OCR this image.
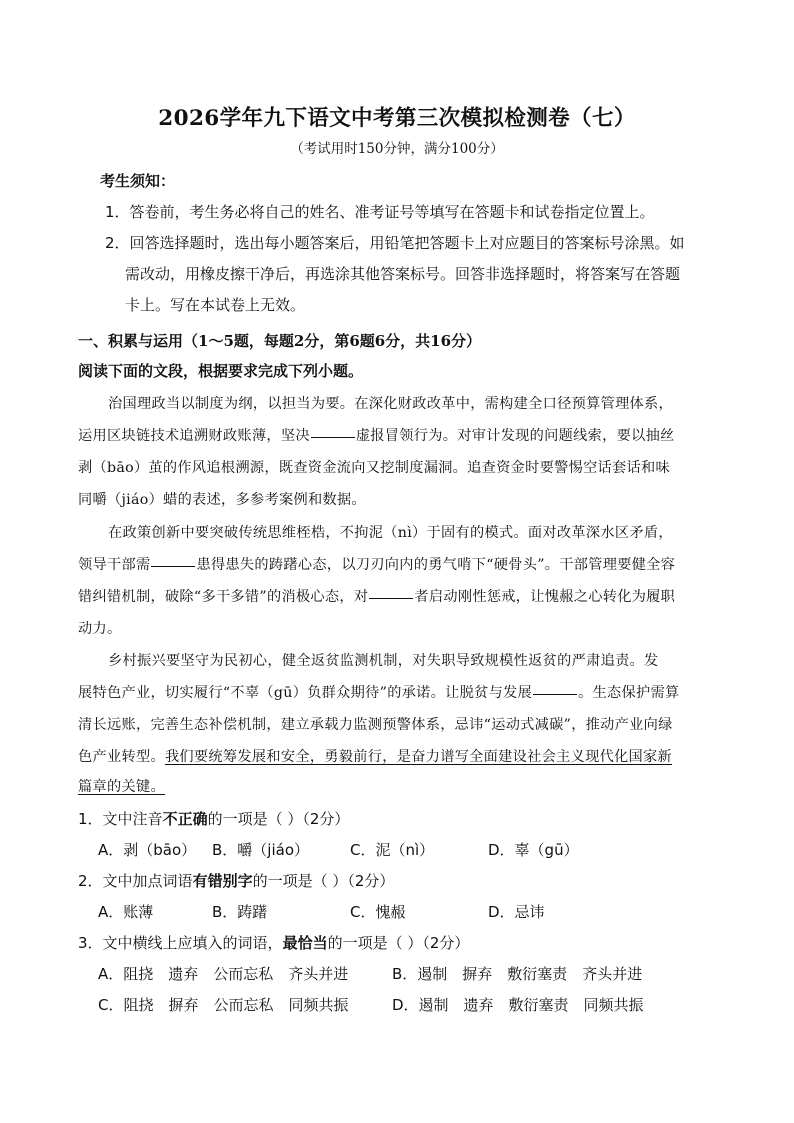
2026学年九下语文中考第三次模拟检测卷（七）
（考试用时150分钟，满分100分）
考生须知：
1．答卷前，考生务必将自己的姓名、准考证号等填写在答题卡和试卷指定位置上。
2．回答选择题时，选出每小题答案后，用铅笔把答题卡上对应题目的答案标号涂黑。如
需改动，用橡皮擦干净后，再选涂其他答案标号。回答非选择题时，将答案写在答题
卡上。写在本试卷上无效。
一、积累与运用（1～5题，每题2分，第6题6分，共16分）
阅读下面的文段，根据要求完成下列小题。
治国理政当以制度为纲，以担当为要。在深化财政改革中，需构建全口径预算管理体系，
运用区块链技术追溯财政账薄，坚决	虚报冒领行为。对审计发现的问题线索，要以抽丝
剥（bāo）茧的作风追根溯源，既查资金流向又挖制度漏洞。追查资金时要警惕空话套话和味
同嚼（jiáo）蜡的表述，多参考案例和数据。
在政策创新中要突破传统思维桎梏，不拘泥（nì）于固有的模式。面对改革深水区矛盾，
领导干部需	患得患失的踌躇心态，以刀刃向内的勇气啃下“硬骨头”。干部管理要健全容
错纠错机制，破除“多干多错”的消极心态，对	者启动刚性惩戒，让愧赧之心转化为履职
动力。
乡村振兴要坚守为民初心，健全返贫监测机制，对失职导致规模性返贫的严肃追责。发
展特色产业，切实履行“不辜（gū）负群众期待”的承诺。让脱贫与发展	。生态保护需算
清长远账，完善生态补偿机制，建立承载力监测预警体系，忌讳“运动式减碳”，推动产业向绿
色产业转型。我们要统筹发展和安全，勇毅前行，是奋力谱写全面建设社会主义现代化国家新
篇章的关键。
1．文中注音不正确的一项是（ ）（2分）
A．剥（bāo） B．嚼（jiáo）	C．泥（nì）	D．辜（gū）
2．文中加点词语有错别字的一项是（ ）（2分）
A．账薄	B．踌躇	C．愧赧	D．忌讳
3．文中横线上应填入的词语，最恰当的一项是（ ）（2分）
A．阻挠　遗弃　公而忘私　齐头并进	B．遏制　摒弃　敷衍塞责　齐头并进
C．阻挠　摒弃　公而忘私　同频共振	D．遏制　遗弃　敷衍塞责　同频共振
